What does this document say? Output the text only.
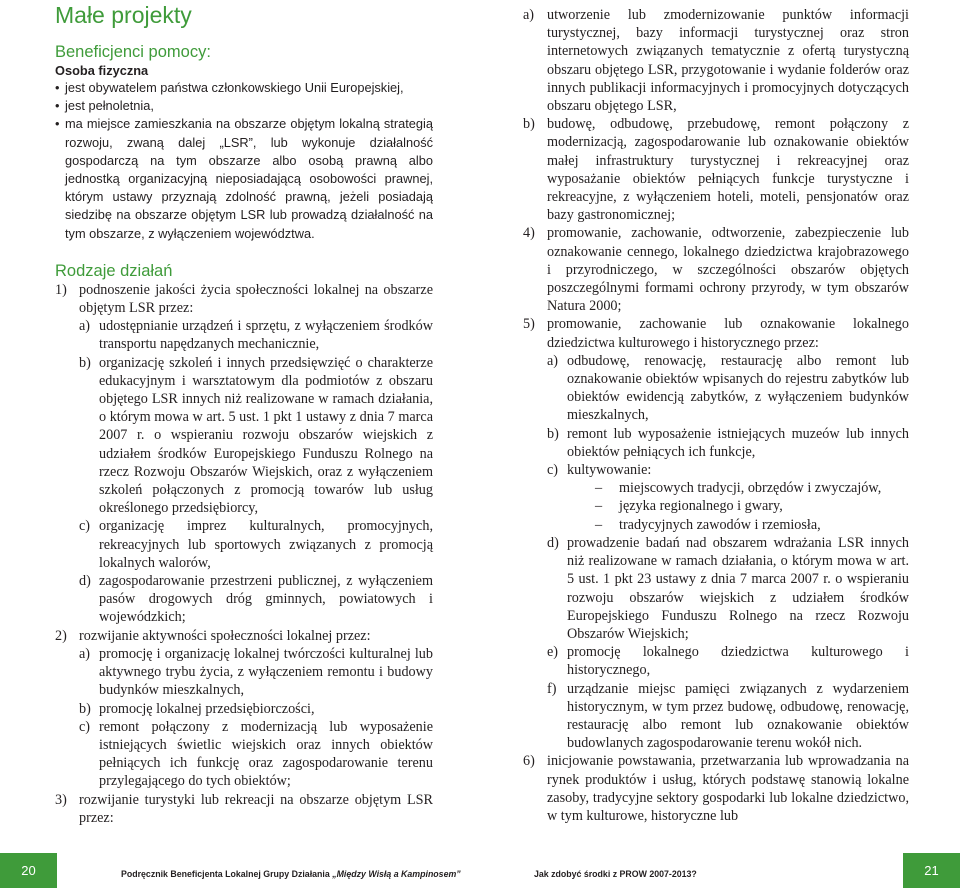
Małe projekty
Beneficjenci pomocy:
Osoba fizyczna
• jest obywatelem państwa członkowskiego Unii Europejskiej,
• jest pełnoletnia,
• ma miejsce zamieszkania na obszarze objętym lokalną strategią rozwoju, zwaną dalej „LSR”, lub wykonuje działalność gospodarczą na tym obszarze albo osobą prawną albo jednostką organizacyjną nieposiadającą osobowości prawnej, którym ustawy przyznają zdolność prawną, jeżeli posiadają siedzibę na obszarze objętym LSR lub prowadzą działalność na tym obszarze, z wyłączeniem województwa.
Rodzaje działań
1) podnoszenie jakości życia społeczności lokalnej na obszarze objętym LSR przez:
a) udostępnianie urządzeń i sprzętu, z wyłączeniem środków transportu napędzanych mechanicznie,
b) organizację szkoleń i innych przedsięwzięć o charakterze edukacyjnym i warsztatowym dla podmiotów z obszaru objętego LSR innych niż realizowane w ramach działania, o którym mowa w art. 5 ust. 1 pkt 1 ustawy z dnia 7 marca 2007 r. o wspieraniu rozwoju obszarów wiejskich z udziałem środków Europejskiego Funduszu Rolnego na rzecz Rozwoju Obszarów Wiejskich, oraz z wyłączeniem szkoleń połączonych z promocją towarów lub usług określonego przedsiębiorcy,
c) organizację imprez kulturalnych, promocyjnych, rekreacyjnych lub sportowych związanych z promocją lokalnych walorów,
d) zagospodarowanie przestrzeni publicznej, z wyłączeniem pasów drogowych dróg gminnych, powiatowych i wojewódzkich;
2) rozwijanie aktywności społeczności lokalnej przez:
a) promocję i organizację lokalnej twórczości kulturalnej lub aktywnego trybu życia, z wyłączeniem remontu i budowy budynków mieszkalnych,
b) promocję lokalnej przedsiębiorczości,
c) remont połączony z modernizacją lub wyposażenie istniejących świetlic wiejskich oraz innych obiektów pełniących ich funkcję oraz zagospodarowanie terenu przylegającego do tych obiektów;
3) rozwijanie turystyki lub rekreacji na obszarze objętym LSR przez:
a) utworzenie lub zmodernizowanie punktów informacji turystycznej, bazy informacji turystycznej oraz stron internetowych związanych tematycznie z ofertą turystyczną obszaru objętego LSR, przygotowanie i wydanie folderów oraz innych publikacji informacyjnych i promocyjnych dotyczących obszaru objętego LSR,
b) budowę, odbudowę, przebudowę, remont połączony z modernizacją, zagospodarowanie lub oznakowanie obiektów małej infrastruktury turystycznej i rekreacyjnej oraz wyposażanie obiektów pełniących funkcje turystyczne i rekreacyjne, z wyłączeniem hoteli, moteli, pensjonatów oraz bazy gastronomicznej;
4) promowanie, zachowanie, odtworzenie, zabezpieczenie lub oznakowanie cennego, lokalnego dziedzictwa krajobrazowego i przyrodniczego, w szczególności obszarów objętych poszczególnymi formami ochrony przyrody, w tym obszarów Natura 2000;
5) promowanie, zachowanie lub oznakowanie lokalnego dziedzictwa kulturowego i historycznego przez:
a) odbudowę, renowację, restaurację albo remont lub oznakowanie obiektów wpisanych do rejestru zabytków lub obiektów ewidencją zabytków, z wyłączeniem budynków mieszkalnych,
b) remont lub wyposażenie istniejących muzeów lub innych obiektów pełniących ich funkcje,
c) kultywowanie:
–	miejscowych tradycji, obrzędów i zwyczajów,
–	języka regionalnego i gwary,
–	tradycyjnych zawodów i rzemiosła,
d) prowadzenie badań nad obszarem wdrażania LSR innych niż realizowane w ramach działania, o którym mowa w art. 5 ust. 1 pkt 23 ustawy z dnia 7 marca 2007 r. o wspieraniu rozwoju obszarów wiejskich z udziałem środków Europejskiego Funduszu Rolnego na rzecz Rozwoju Obszarów Wiejskich;
e) promocję lokalnego dziedzictwa kulturowego i historycznego,
f) urządzanie miejsc pamięci związanych z wydarzeniem historycznym, w tym przez budowę, odbudowę, renowację, restaurację albo remont lub oznakowanie obiektów budowlanych zagospodarowanie terenu wokół nich.
6) inicjowanie powstawania, przetwarzania lub wprowadzania na rynek produktów i usług, których podstawę stanowią lokalne zasoby, tradycyjne sektory gospodarki lub lokalne dziedzictwo, w tym kulturowe, historyczne lub
20	Podręcznik Beneficjenta Lokalnej Grupy Działania „Między Wisłą a Kampinosem”	Jak zdobyć środki z PROW 2007-2013?	21
